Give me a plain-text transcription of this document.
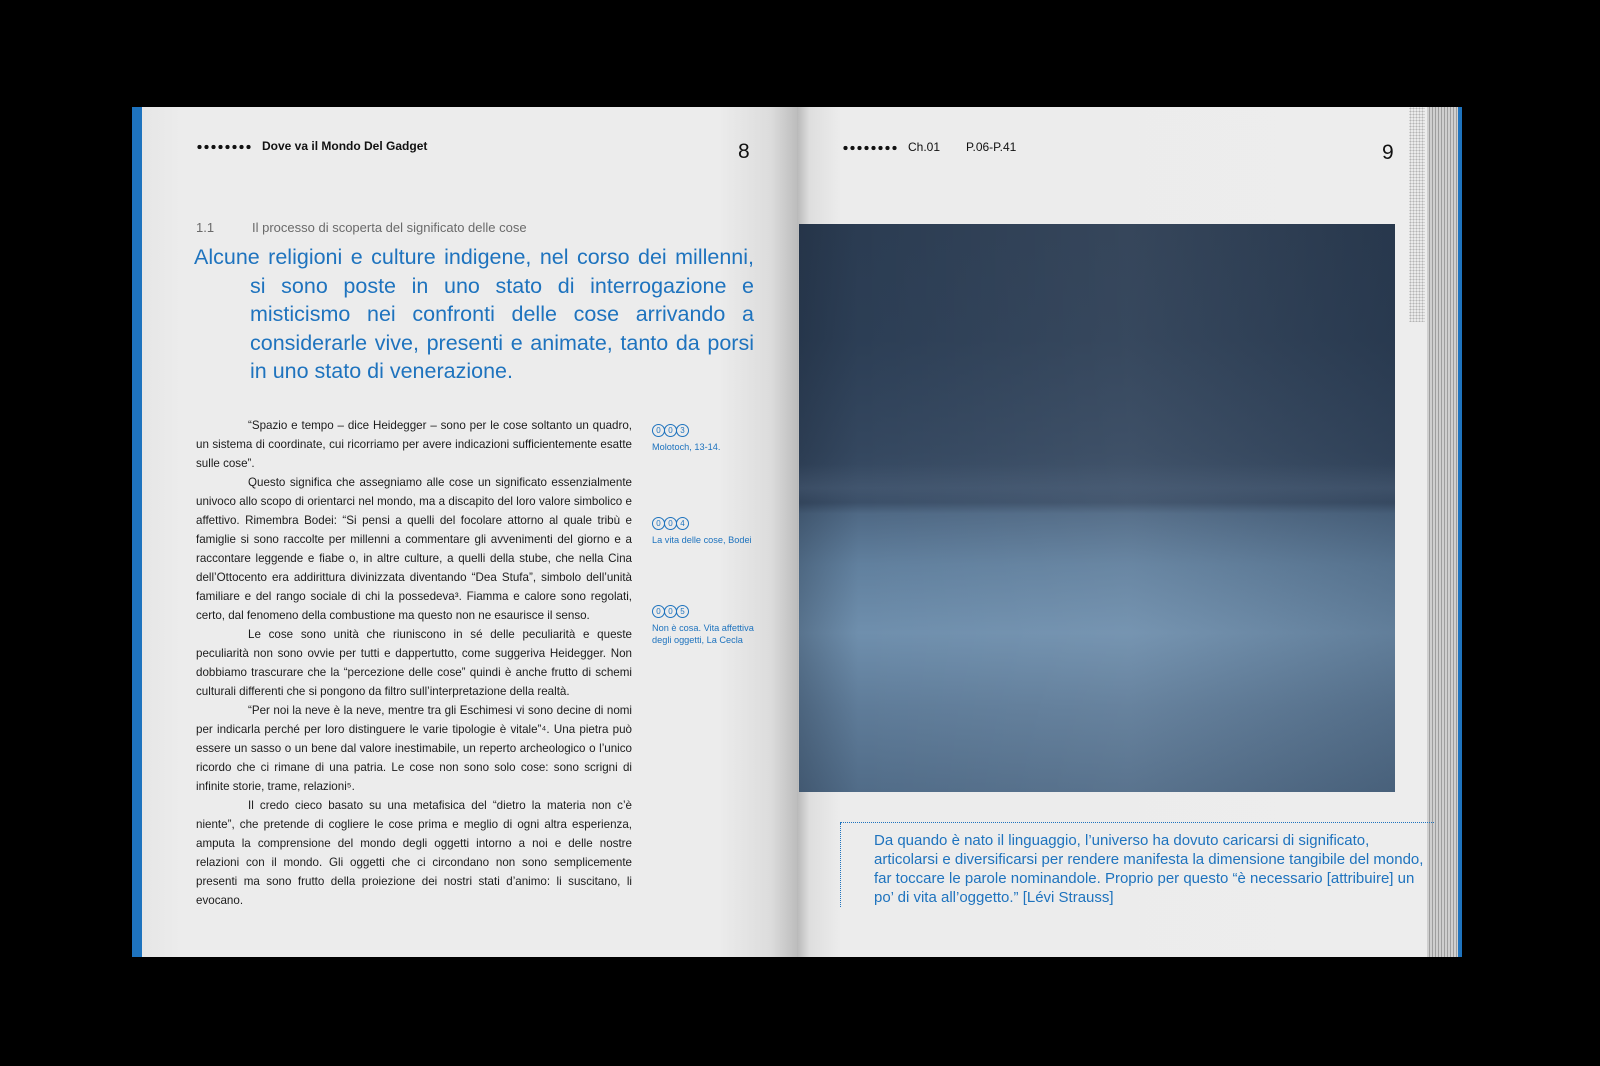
Dove va il Mondo Del Gadget	8
1.1	Il processo di scoperta del significato delle cose

Alcune religioni e culture indigene, nel corso dei millenni, si sono poste in uno stato di interrogazione e misticismo nei confronti delle cose arrivando a considerarle vive, presenti e animate, tanto da porsi in uno stato di venerazione.

“Spazio e tempo – dice Heidegger – sono per le cose soltanto un quadro, un sistema di coordinate, cui ricorriamo per avere indicazioni sufficientemente esatte sulle cose”.

Questo significa che assegniamo alle cose un significato essenzialmente univoco allo scopo di orientarci nel mondo, ma a discapito del loro valore simbolico e affettivo. Rimembra Bodei: “Si pensi a quelli del focolare attorno al quale tribù e famiglie si sono raccolte per millenni a commentare gli avvenimenti del giorno e a raccontare leggende e fiabe o, in altre culture, a quelli della stube, che nella Cina dell’Ottocento era addirittura divinizzata diventando “Dea Stufa”, simbolo dell’unità familiare e del rango sociale di chi la possedeva³. Fiamma e calore sono regolati, certo, dal fenomeno della combustione ma questo non ne esaurisce il senso.

Le cose sono unità che riuniscono in sé delle peculiarità e queste peculiarità non sono ovvie per tutti e dappertutto, come suggeriva Heidegger. Non dobbiamo trascurare che la “percezione delle cose” quindi è anche frutto di schemi culturali differenti che si pongono da filtro sull’interpretazione della realtà.

“Per noi la neve è la neve, mentre tra gli Eschimesi vi sono decine di nomi per indicarla perché per loro distinguere le varie tipologie è vitale”⁴. Una pietra può essere un sasso o un bene dal valore inestimabile, un reperto archeologico o l’unico ricordo che ci rimane di una patria. Le cose non sono solo cose: sono scrigni di infinite storie, trame, relazioni⁵.

Il credo cieco basato su una metafisica del “dietro la materia non c’è niente”, che pretende di cogliere le cose prima e meglio di ogni altra esperienza, amputa la comprensione del mondo degli oggetti intorno a noi e delle nostre relazioni con il mondo. Gli oggetti che ci circondano non sono semplicemente presenti ma sono frutto della proiezione dei nostri stati d’animo: li suscitano, li evocano.

0 0 3
Molotoch, 13-14.
0 0 4
La vita delle cose, Bodei
0 0 5
Non è cosa. Vita affettiva degli oggetti, La Cecla
Ch.01 P.06-P.41	9
Da quando è nato il linguaggio, l’universo ha dovuto caricarsi di significato, articolarsi e diversificarsi per rendere manifesta la dimensione tangibile del mondo, far toccare le parole nominandole. Proprio per questo “è necessario [attribuire] un po’ di vita all’oggetto.” [Lévi Strauss]
